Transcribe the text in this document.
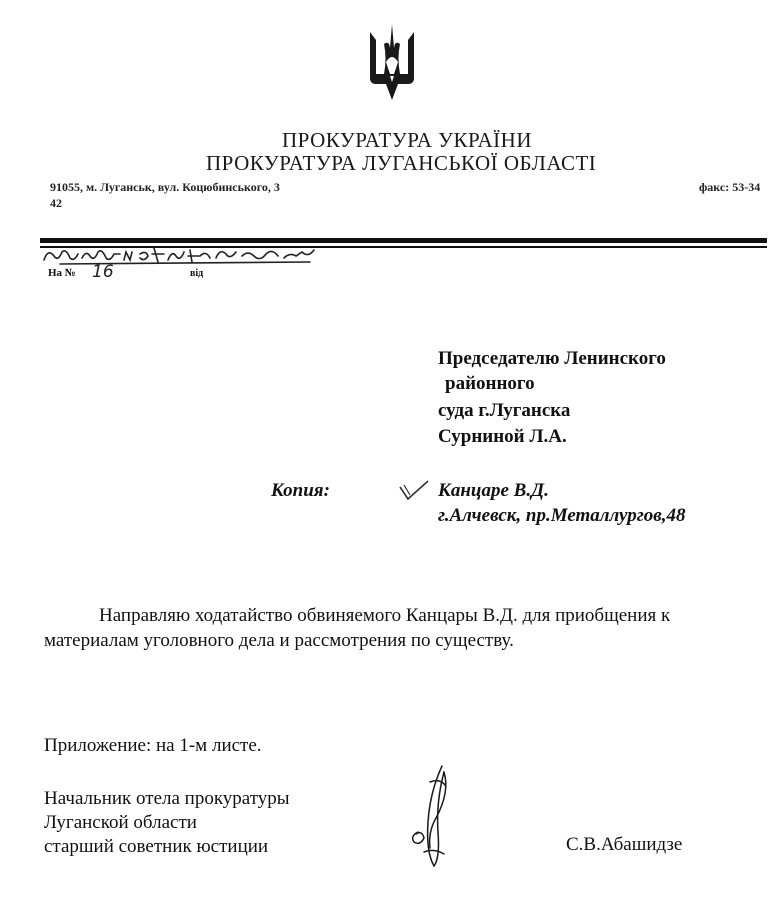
ПРОКУРАТУРА УКРАЇНИ
ПРОКУРАТУРА ЛУГАНСЬКОЇ ОБЛАСТІ
91055, м. Луганськ, вул. Коцюбинського, 3
42
факс: 53-34
На № 16	від
Председателю Ленинского
районного
суда г.Луганска
Сурниной Л.А.
Копия:	Канцаре В.Д.
г.Алчевск, пр.Металлургов,48
Направляю ходатайство обвиняемого Канцары В.Д. для приобщения к
материалам уголовного дела и рассмотрения по существу.
Приложение: на 1-м листе.
Начальник отела прокуратуры
Луганской области
старший советник юстиции	С.В.Абашидзе
